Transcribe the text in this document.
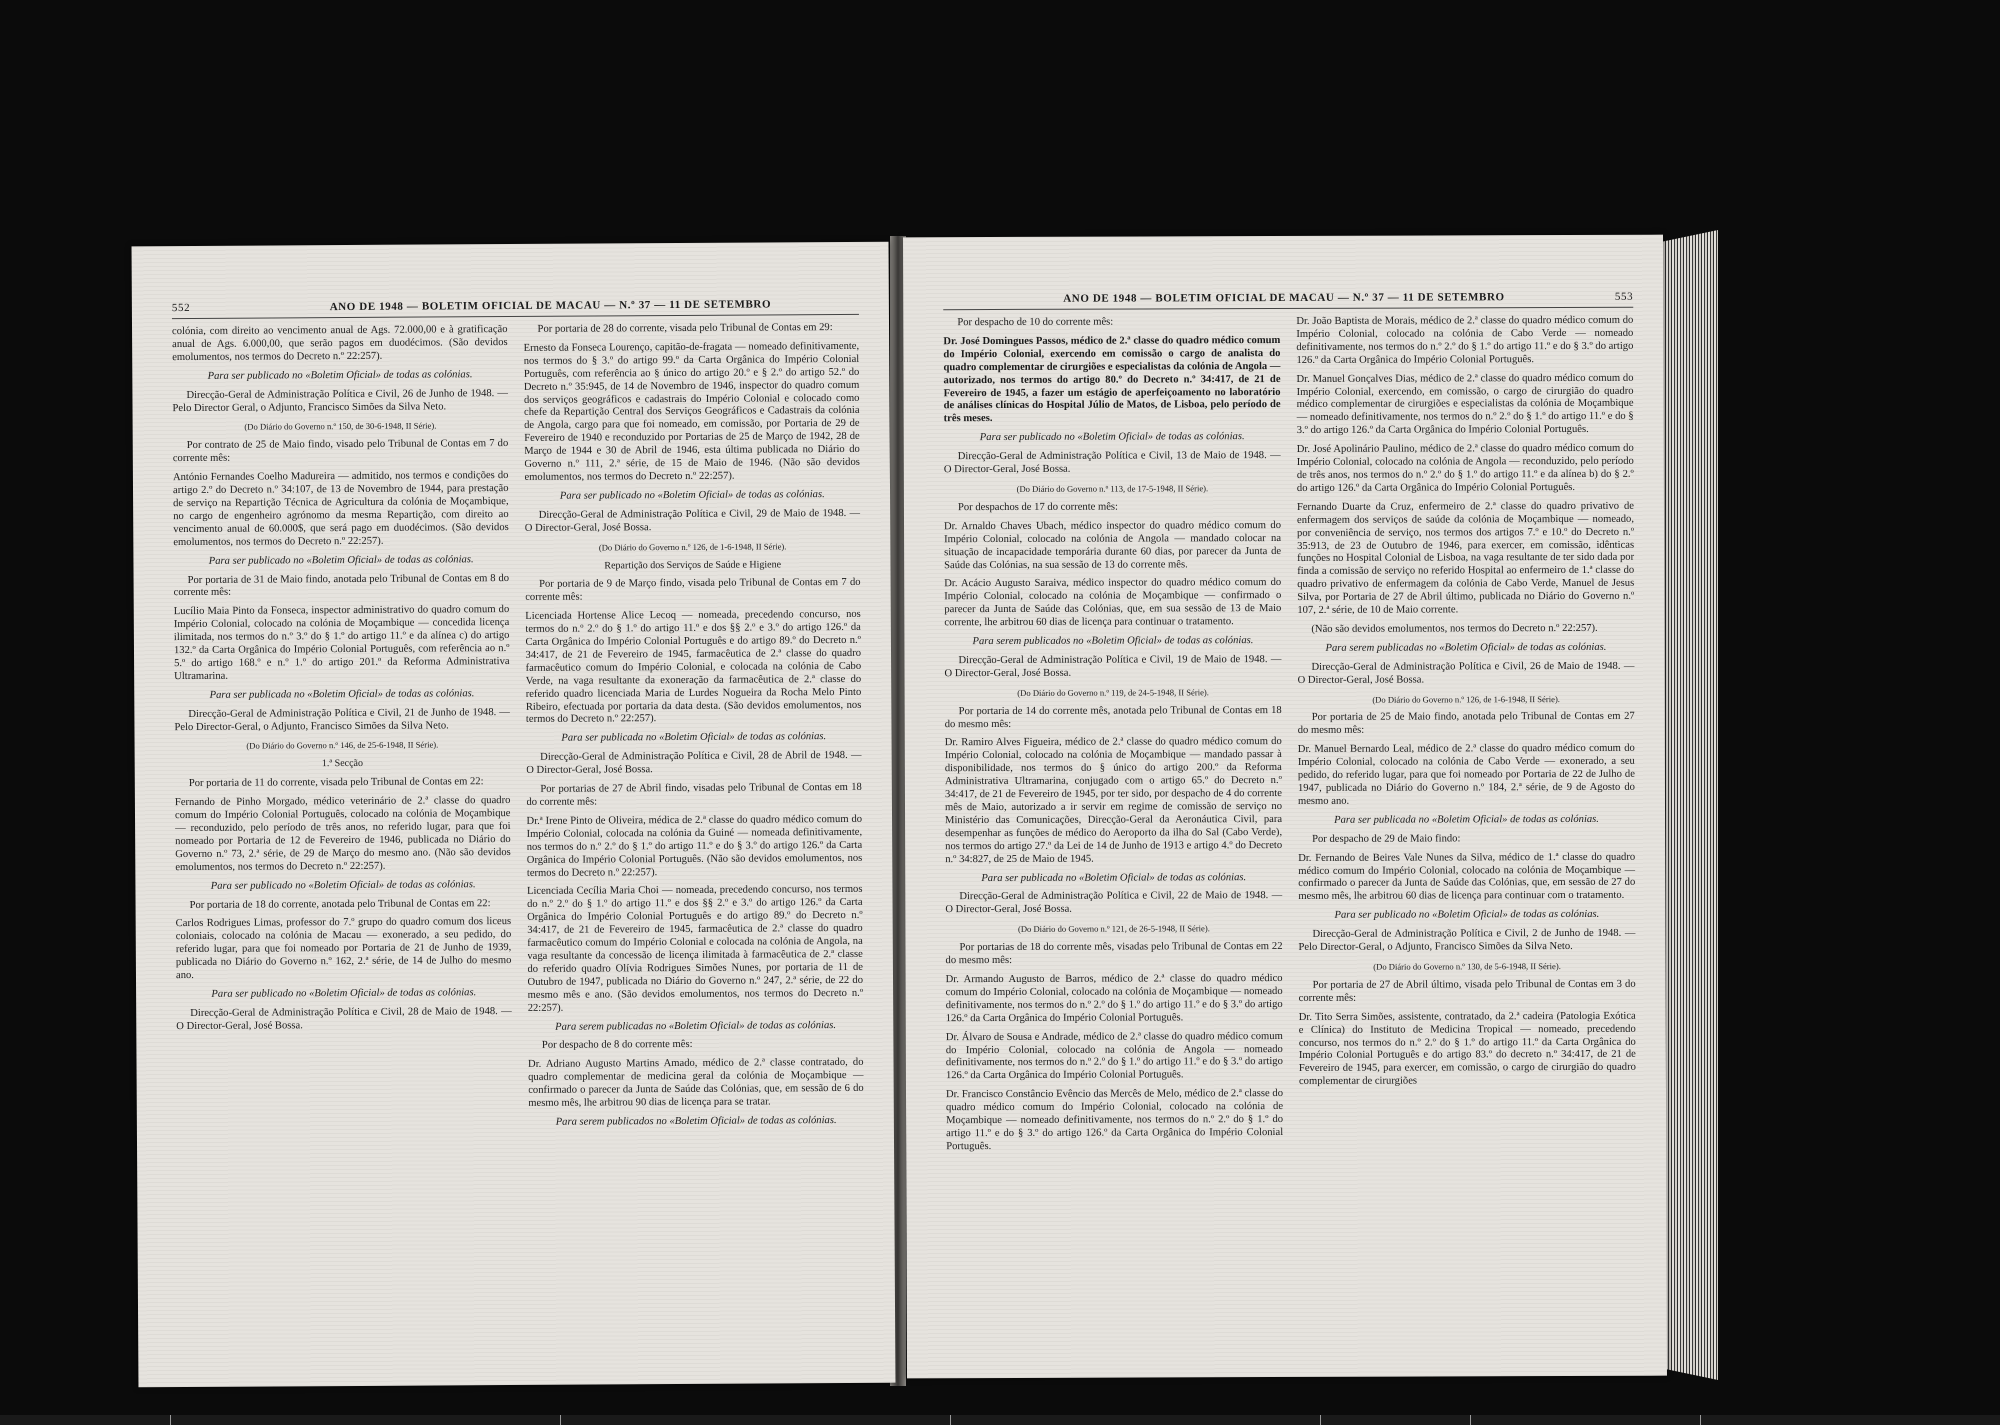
552	ANO DE 1948 — BOLETIM OFICIAL DE MACAU — N.º 37 — 11 DE SETEMBRO

colónia, com direito ao vencimento anual de Ags. 72.000,00 e à gratificação anual de Ags. 6.000,00, que serão pagos em duodécimos. (São devidos emolumentos, nos termos do Decreto n.º 22:257).

Para ser publicado no «Boletim Oficial» de todas as colónias.

Direcção-Geral de Administração Política e Civil, 26 de Junho de 1948. — Pelo Director Geral, o Adjunto, Francisco Simões da Silva Neto.

(Do Diário do Governo n.º 150, de 30-6-1948, II Série).

Por contrato de 25 de Maio findo, visado pelo Tribunal de Contas em 7 do corrente mês:

António Fernandes Coelho Madureira — admitido, nos termos e condições do artigo 2.º do Decreto n.º 34:107, de 13 de Novembro de 1944, para prestação de serviço na Repartição Técnica de Agricultura da colónia de Moçambique, no cargo de engenheiro agrónomo da mesma Repartição, com direito ao vencimento anual de 60.000$, que será pago em duodécimos. (São devidos emolumentos, nos termos do Decreto n.º 22:257).

Para ser publicado no «Boletim Oficial» de todas as colónias.

Por portaria de 31 de Maio findo, anotada pelo Tribunal de Contas em 8 do corrente mês:

Lucílio Maia Pinto da Fonseca, inspector administrativo do quadro comum do Império Colonial, colocado na colónia de Moçambique — concedida licença ilimitada, nos termos do n.º 3.º do § 1.º do artigo 11.º e da alínea c) do artigo 132.º da Carta Orgânica do Império Colonial Português, com referência ao n.º 5.º do artigo 168.º e n.º 1.º do artigo 201.º da Reforma Administrativa Ultramarina.

Para ser publicada no «Boletim Oficial» de todas as colónias.

Direcção-Geral de Administração Política e Civil, 21 de Junho de 1948. — Pelo Director-Geral, o Adjunto, Francisco Simões da Silva Neto.

(Do Diário do Governo n.º 146, de 25-6-1948, II Série).

1.ª Secção

Por portaria de 11 do corrente, visada pelo Tribunal de Contas em 22:

Fernando de Pinho Morgado, médico veterinário de 2.ª classe do quadro comum do Império Colonial Português, colocado na colónia de Moçambique — reconduzido, pelo período de três anos, no referido lugar, para que foi nomeado por Portaria de 12 de Fevereiro de 1946, publicada no Diário do Governo n.º 73, 2.ª série, de 29 de Março do mesmo ano. (Não são devidos emolumentos, nos termos do Decreto n.º 22:257).

Para ser publicado no «Boletim Oficial» de todas as colónias.

Por portaria de 18 do corrente, anotada pelo Tribunal de Contas em 22:

Carlos Rodrigues Limas, professor do 7.º grupo do quadro comum dos liceus coloniais, colocado na colónia de Macau — exonerado, a seu pedido, do referido lugar, para que foi nomeado por Portaria de 21 de Junho de 1939, publicada no Diário do Governo n.º 162, 2.ª série, de 14 de Julho do mesmo ano.

Para ser publicado no «Boletim Oficial» de todas as colónias.

Direcção-Geral de Administração Política e Civil, 28 de Maio de 1948. — O Director-Geral, José Bossa.

Por portaria de 28 do corrente, visada pelo Tribunal de Contas em 29:

Ernesto da Fonseca Lourenço, capitão-de-fragata — nomeado definitivamente, nos termos do § 3.º do artigo 99.º da Carta Orgânica do Império Colonial Português, com referência ao § único do artigo 20.º e § 2.º do artigo 52.º do Decreto n.º 35:945, de 14 de Novembro de 1946, inspector do quadro comum dos serviços geográficos e cadastrais do Império Colonial e colocado como chefe da Repartição Central dos Serviços Geográficos e Cadastrais da colónia de Angola, cargo para que foi nomeado, em comissão, por Portaria de 29 de Fevereiro de 1940 e reconduzido por Portarias de 25 de Março de 1942, 28 de Março de 1944 e 30 de Abril de 1946, esta última publicada no Diário do Governo n.º 111, 2.ª série, de 15 de Maio de 1946. (Não são devidos emolumentos, nos termos do Decreto n.º 22:257).

Para ser publicado no «Boletim Oficial» de todas as colónias.

Direcção-Geral de Administração Política e Civil, 29 de Maio de 1948. — O Director-Geral, José Bossa.

(Do Diário do Governo n.º 126, de 1-6-1948, II Série).

Repartição dos Serviços de Saúde e Higiene

Por portaria de 9 de Março findo, visada pelo Tribunal de Contas em 7 do corrente mês:

Licenciada Hortense Alice Lecoq — nomeada, precedendo concurso, nos termos do n.º 2.º do § 1.º do artigo 11.º e dos §§ 2.º e 3.º do artigo 126.º da Carta Orgânica do Império Colonial Português e do artigo 89.º do Decreto n.º 34:417, de 21 de Fevereiro de 1945, farmacêutica de 2.ª classe do quadro farmacêutico comum do Império Colonial, e colocada na colónia de Cabo Verde, na vaga resultante da exoneração da farmacêutica de 2.ª classe do referido quadro licenciada Maria de Lurdes Nogueira da Rocha Melo Pinto Ribeiro, efectuada por portaria da data desta. (São devidos emolumentos, nos termos do Decreto n.º 22:257).

Para ser publicada no «Boletim Oficial» de todas as colónias.

Direcção-Geral de Administração Política e Civil, 28 de Abril de 1948. — O Director-Geral, José Bossa.

Por portarias de 27 de Abril findo, visadas pelo Tribunal de Contas em 18 do corrente mês:

Dr.ª Irene Pinto de Oliveira, médica de 2.ª classe do quadro médico comum do Império Colonial, colocada na colónia da Guiné — nomeada definitivamente, nos termos do n.º 2.º do § 1.º do artigo 11.º e do § 3.º do artigo 126.º da Carta Orgânica do Império Colonial Português. (Não são devidos emolumentos, nos termos do Decreto n.º 22:257).

Licenciada Cecília Maria Choi — nomeada, precedendo concurso, nos termos do n.º 2.º do § 1.º do artigo 11.º e dos §§ 2.º e 3.º do artigo 126.º da Carta Orgânica do Império Colonial Português e do artigo 89.º do Decreto n.º 34:417, de 21 de Fevereiro de 1945, farmacêutica de 2.ª classe do quadro farmacêutico comum do Império Colonial e colocada na colónia de Angola, na vaga resultante da concessão de licença ilimitada à farmacêutica de 2.ª classe do referido quadro Olívia Rodrigues Simões Nunes, por portaria de 11 de Outubro de 1947, publicada no Diário do Governo n.º 247, 2.ª série, de 22 do mesmo mês e ano. (São devidos emolumentos, nos termos do Decreto n.º 22:257).

Para serem publicadas no «Boletim Oficial» de todas as colónias.

Por despacho de 8 do corrente mês:

Dr. Adriano Augusto Martins Amado, médico de 2.ª classe contratado, do quadro complementar de medicina geral da colónia de Moçambique — confirmado o parecer da Junta de Saúde das Colónias, que, em sessão de 6 do mesmo mês, lhe arbitrou 90 dias de licença para se tratar.

Para serem publicados no «Boletim Oficial» de todas as colónias.

ANO DE 1948 — BOLETIM OFICIAL DE MACAU — N.º 37 — 11 DE SETEMBRO	553

Por despacho de 10 do corrente mês:

Dr. José Domingues Passos, médico de 2.ª classe do quadro médico comum do Império Colonial, exercendo em comissão o cargo de analista do quadro complementar de cirurgiões e especialistas da colónia de Angola — autorizado, nos termos do artigo 80.º do Decreto n.º 34:417, de 21 de Fevereiro de 1945, a fazer um estágio de aperfeiçoamento no laboratório de análises clínicas do Hospital Júlio de Matos, de Lisboa, pelo período de três meses.

Para ser publicado no «Boletim Oficial» de todas as colónias.

Direcção-Geral de Administração Política e Civil, 13 de Maio de 1948. — O Director-Geral, José Bossa.

(Do Diário do Governo n.º 113, de 17-5-1948, II Série).

Por despachos de 17 do corrente mês:

Dr. Arnaldo Chaves Ubach, médico inspector do quadro médico comum do Império Colonial, colocado na colónia de Angola — mandado colocar na situação de incapacidade temporária durante 60 dias, por parecer da Junta de Saúde das Colónias, na sua sessão de 13 do corrente mês.

Dr. Acácio Augusto Saraiva, médico inspector do quadro médico comum do Império Colonial, colocado na colónia de Moçambique — confirmado o parecer da Junta de Saúde das Colónias, que, em sua sessão de 13 de Maio corrente, lhe arbitrou 60 dias de licença para continuar o tratamento.

Para serem publicados no «Boletim Oficial» de todas as colónias.

Direcção-Geral de Administração Política e Civil, 19 de Maio de 1948. — O Director-Geral, José Bossa.

(Do Diário do Governo n.º 119, de 24-5-1948, II Série).

Por portaria de 14 do corrente mês, anotada pelo Tribunal de Contas em 18 do mesmo mês:

Dr. Ramiro Alves Figueira, médico de 2.ª classe do quadro médico comum do Império Colonial, colocado na colónia de Moçambique — mandado passar à disponibilidade, nos termos do § único do artigo 200.º da Reforma Administrativa Ultramarina, conjugado com o artigo 65.º do Decreto n.º 34:417, de 21 de Fevereiro de 1945, por ter sido, por despacho de 4 do corrente mês de Maio, autorizado a ir servir em regime de comissão de serviço no Ministério das Comunicações, Direcção-Geral da Aeronáutica Civil, para desempenhar as funções de médico do Aeroporto da ilha do Sal (Cabo Verde), nos termos do artigo 27.º da Lei de 14 de Junho de 1913 e artigo 4.º do Decreto n.º 34:827, de 25 de Maio de 1945.

Para ser publicada no «Boletim Oficial» de todas as colónias.

Direcção-Geral de Administração Política e Civil, 22 de Maio de 1948. — O Director-Geral, José Bossa.

(Do Diário do Governo n.º 121, de 26-5-1948, II Série).

Por portarias de 18 do corrente mês, visadas pelo Tribunal de Contas em 22 do mesmo mês:

Dr. Armando Augusto de Barros, médico de 2.ª classe do quadro médico comum do Império Colonial, colocado na colónia de Moçambique — nomeado definitivamente, nos termos do n.º 2.º do § 1.º do artigo 11.º e do § 3.º do artigo 126.º da Carta Orgânica do Império Colonial Português.

Dr. Álvaro de Sousa e Andrade, médico de 2.ª classe do quadro médico comum do Império Colonial, colocado na colónia de Angola — nomeado definitivamente, nos termos do n.º 2.º do § 1.º do artigo 11.º e do § 3.º do artigo 126.º da Carta Orgânica do Império Colonial Português.

Dr. Francisco Constâncio Evêncio das Mercês de Melo, médico de 2.ª classe do quadro médico comum do Império Colonial, colocado na colónia de Moçambique — nomeado definitivamente, nos termos do n.º 2.º do § 1.º do artigo 11.º e do § 3.º do artigo 126.º da Carta Orgânica do Império Colonial Português.

Dr. João Baptista de Morais, médico de 2.ª classe do quadro médico comum do Império Colonial, colocado na colónia de Cabo Verde — nomeado definitivamente, nos termos do n.º 2.º do § 1.º do artigo 11.º e do § 3.º do artigo 126.º da Carta Orgânica do Império Colonial Português.

Dr. Manuel Gonçalves Dias, médico de 2.ª classe do quadro médico comum do Império Colonial, exercendo, em comissão, o cargo de cirurgião do quadro médico complementar de cirurgiões e especialistas da colónia de Moçambique — nomeado definitivamente, nos termos do n.º 2.º do § 1.º do artigo 11.º e do § 3.º do artigo 126.º da Carta Orgânica do Império Colonial Português.

Dr. José Apolinário Paulino, médico de 2.ª classe do quadro médico comum do Império Colonial, colocado na colónia de Angola — reconduzido, pelo período de três anos, nos termos do n.º 2.º do § 1.º do artigo 11.º e da alínea b) do § 2.º do artigo 126.º da Carta Orgânica do Império Colonial Português.

Fernando Duarte da Cruz, enfermeiro de 2.ª classe do quadro privativo de enfermagem dos serviços de saúde da colónia de Moçambique — nomeado, por conveniência de serviço, nos termos dos artigos 7.º e 10.º do Decreto n.º 35:913, de 23 de Outubro de 1946, para exercer, em comissão, idênticas funções no Hospital Colonial de Lisboa, na vaga resultante de ter sido dada por finda a comissão de serviço no referido Hospital ao enfermeiro de 1.ª classe do quadro privativo de enfermagem da colónia de Cabo Verde, Manuel de Jesus Silva, por Portaria de 27 de Abril último, publicada no Diário do Governo n.º 107, 2.ª série, de 10 de Maio corrente.

(Não são devidos emolumentos, nos termos do Decreto n.º 22:257).

Para serem publicadas no «Boletim Oficial» de todas as colónias.

Direcção-Geral de Administração Política e Civil, 26 de Maio de 1948. — O Director-Geral, José Bossa.

(Do Diário do Governo n.º 126, de 1-6-1948, II Série).

Por portaria de 25 de Maio findo, anotada pelo Tribunal de Contas em 27 do mesmo mês:

Dr. Manuel Bernardo Leal, médico de 2.ª classe do quadro médico comum do Império Colonial, colocado na colónia de Cabo Verde — exonerado, a seu pedido, do referido lugar, para que foi nomeado por Portaria de 22 de Julho de 1947, publicada no Diário do Governo n.º 184, 2.ª série, de 9 de Agosto do mesmo ano.

Para ser publicada no «Boletim Oficial» de todas as colónias.

Por despacho de 29 de Maio findo:

Dr. Fernando de Beires Vale Nunes da Silva, médico de 1.ª classe do quadro médico comum do Império Colonial, colocado na colónia de Moçambique — confirmado o parecer da Junta de Saúde das Colónias, que, em sessão de 27 do mesmo mês, lhe arbitrou 60 dias de licença para continuar com o tratamento.

Para ser publicado no «Boletim Oficial» de todas as colónias.

Direcção-Geral de Administração Política e Civil, 2 de Junho de 1948. — Pelo Director-Geral, o Adjunto, Francisco Simões da Silva Neto.

(Do Diário do Governo n.º 130, de 5-6-1948, II Série).

Por portaria de 27 de Abril último, visada pelo Tribunal de Contas em 3 do corrente mês:

Dr. Tito Serra Simões, assistente, contratado, da 2.ª cadeira (Patologia Exótica e Clínica) do Instituto de Medicina Tropical — nomeado, precedendo concurso, nos termos do n.º 2.º do § 1.º do artigo 11.º da Carta Orgânica do Império Colonial Português e do artigo 83.º do decreto n.º 34:417, de 21 de Fevereiro de 1945, para exercer, em comissão, o cargo de cirurgião do quadro complementar de cirurgiões
